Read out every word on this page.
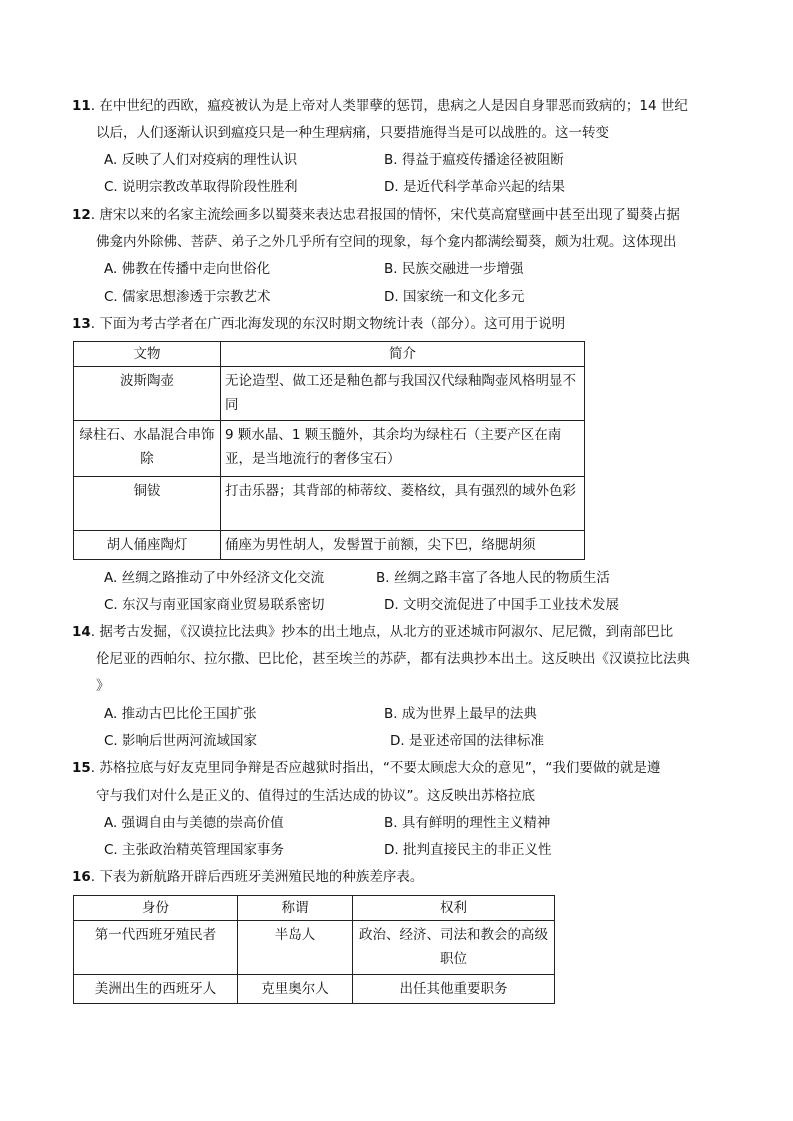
11. 在中世纪的西欧，瘟疫被认为是上帝对人类罪孽的惩罚，患病之人是因自身罪恶而致病的；14 世纪
以后，人们逐渐认识到瘟疫只是一种生理病痛，只要措施得当是可以战胜的。这一转变
A. 反映了人们对疫病的理性认识	B. 得益于瘟疫传播途径被阻断
C. 说明宗教改革取得阶段性胜利	D. 是近代科学革命兴起的结果
12. 唐宋以来的名家主流绘画多以蜀葵来表达忠君报国的情怀，宋代莫高窟壁画中甚至出现了蜀葵占据
佛龛内外除佛、菩萨、弟子之外几乎所有空间的现象，每个龛内都满绘蜀葵，颇为壮观。这体现出
A. 佛教在传播中走向世俗化	B. 民族交融进一步增强
C. 儒家思想渗透于宗教艺术	D. 国家统一和文化多元
13. 下面为考古学者在广西北海发现的东汉时期文物统计表（部分）。这可用于说明
文物	简介
波斯陶壶	无论造型、做工还是釉色都与我国汉代绿釉陶壶风格明显不同
绿柱石、水晶混合串饰除	9 颗水晶、1 颗玉髓外，其余均为绿柱石（主要产区在南亚，是当地流行的奢侈宝石）
铜钹	打击乐器；其背部的柿蒂纹、菱格纹，具有强烈的域外色彩
胡人俑座陶灯	俑座为男性胡人，发髻置于前额，尖下巴，络腮胡须
A. 丝绸之路推动了中外经济文化交流	B. 丝绸之路丰富了各地人民的物质生活
C. 东汉与南亚国家商业贸易联系密切	D. 文明交流促进了中国手工业技术发展
14. 据考古发掘，《汉谟拉比法典》抄本的出土地点，从北方的亚述城市阿淑尔、尼尼微，到南部巴比
伦尼亚的西帕尔、拉尔撒、巴比伦，甚至埃兰的苏萨，都有法典抄本出土。这反映出《汉谟拉比法典
》
A. 推动古巴比伦王国扩张	B. 成为世界上最早的法典
C. 影响后世两河流域国家	D. 是亚述帝国的法律标准
15. 苏格拉底与好友克里同争辩是否应越狱时指出，“不要太顾虑大众的意见”，“我们要做的就是遵
守与我们对什么是正义的、值得过的生活达成的协议”。这反映出苏格拉底
A. 强调自由与美德的崇高价值	B. 具有鲜明的理性主义精神
C. 主张政治精英管理国家事务	D. 批判直接民主的非正义性
16. 下表为新航路开辟后西班牙美洲殖民地的种族差序表。
身份	称谓	权利
第一代西班牙殖民者	半岛人	政治、经济、司法和教会的高级职位
美洲出生的西班牙人	克里奥尔人	出任其他重要职务
